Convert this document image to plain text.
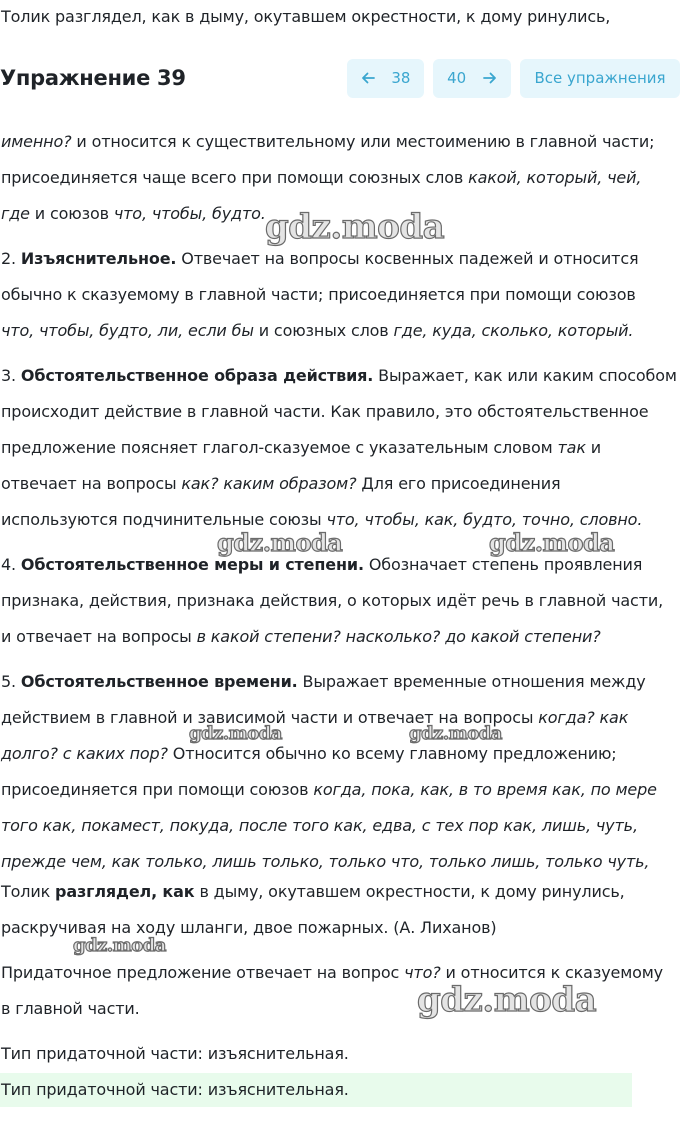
Толик разглядел, как в дыму, окутавшем окрестности, к дому ринулись,
именно? и относится к существительному или местоимению в главной части;
присоединяется чаще всего при помощи союзных слов какой, который, чей,
где и союзов что, чтобы, будто.
2. Изъяснительное. Отвечает на вопросы косвенных падежей и относится
обычно к сказуемому в главной части; присоединяется при помощи союзов
что, чтобы, будто, ли, если бы и союзных слов где, куда, сколько, который.
3. Обстоятельственное образа действия. Выражает, как или каким способом
происходит действие в главной части. Как правило, это обстоятельственное
предложение поясняет глагол-сказуемое с указательным словом так и
отвечает на вопросы как? каким образом? Для его присоединения
используются подчинительные союзы что, чтобы, как, будто, точно, словно.
4. Обстоятельственное меры и степени. Обозначает степень проявления
признака, действия, признака действия, о которых идёт речь в главной части,
и отвечает на вопросы в какой степени? насколько? до какой степени?
5. Обстоятельственное времени. Выражает временные отношения между
действием в главной и зависимой части и отвечает на вопросы когда? как
долго? с каких пор? Относится обычно ко всему главному предложению;
присоединяется при помощи союзов когда, пока, как, в то время как, по мере
того как, покамест, покуда, после того как, едва, с тех пор как, лишь, чуть,
прежде чем, как только, лишь только, только что, только лишь, только чуть,
Толик разглядел, как в дыму, окутавшем окрестности, к дому ринулись,
раскручивая на ходу шланги, двое пожарных. (А. Лиханов)
Придаточное предложение отвечает на вопрос что? и относится к сказуемому
в главной части.
Тип придаточной части: изъяснительная.
Тип придаточной части: изъяснительная.
gdz.moda
gdz.moda	gdz.moda
gdz.moda	gdz.moda
gdz.moda
gdz.moda
Упражнение 39	38	40	Все упражнения
